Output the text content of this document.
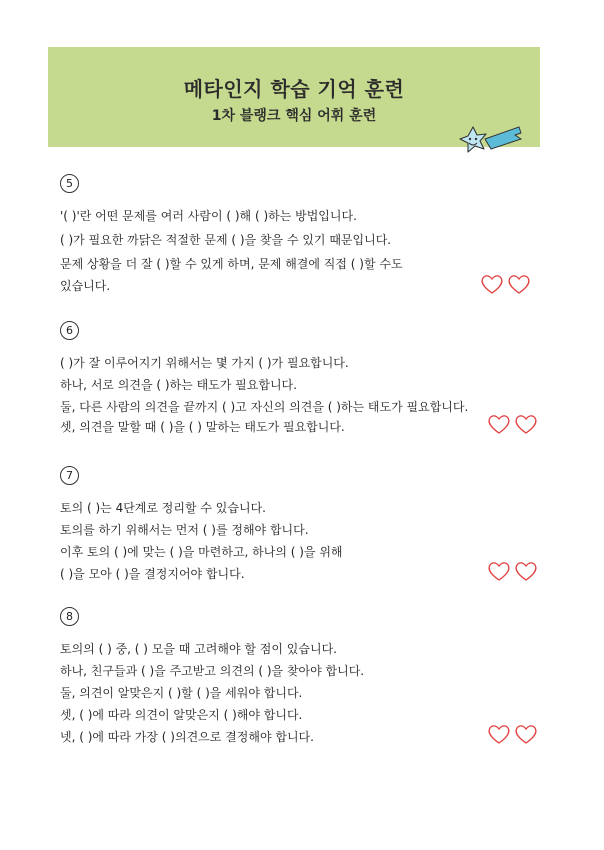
메타인지 학습 기억 훈련
1차 블랭크 핵심 어휘 훈련
5
'( )'란 어떤 문제를 여러 사람이 ( )해 ( )하는 방법입니다.
( )가 필요한 까닭은 적절한 문제 ( )을 찾을 수 있기 때문입니다.
문제 상황을 더 잘 ( )할 수 있게 하며, 문제 해결에 직접 ( )할 수도
있습니다.
6
( )가 잘 이루어지기 위해서는 몇 가지 ( )가 필요합니다.
하나, 서로 의견을 ( )하는 태도가 필요합니다.
둘, 다른 사람의 의견을 끝까지 ( )고 자신의 의견을 ( )하는 태도가 필요합니다.
셋, 의견을 말할 때 ( )을 ( ) 말하는 태도가 필요합니다.
7
토의 ( )는 4단계로 정리할 수 있습니다.
토의를 하기 위해서는 먼저 ( )를 정해야 합니다.
이후 토의 ( )에 맞는 ( )을 마련하고, 하나의 ( )을 위해
( )을 모아 ( )을 결정지어야 합니다.
8
토의의 ( ) 중, ( ) 모을 때 고려해야 할 점이 있습니다.
하나, 친구들과 ( )을 주고받고 의견의 ( )을 찾아야 합니다.
둘, 의견이 알맞은지 ( )할 ( )을 세워야 합니다.
셋, ( )에 따라 의견이 알맞은지 ( )해야 합니다.
넷, ( )에 따라 가장 ( )의견으로 결정해야 합니다.
